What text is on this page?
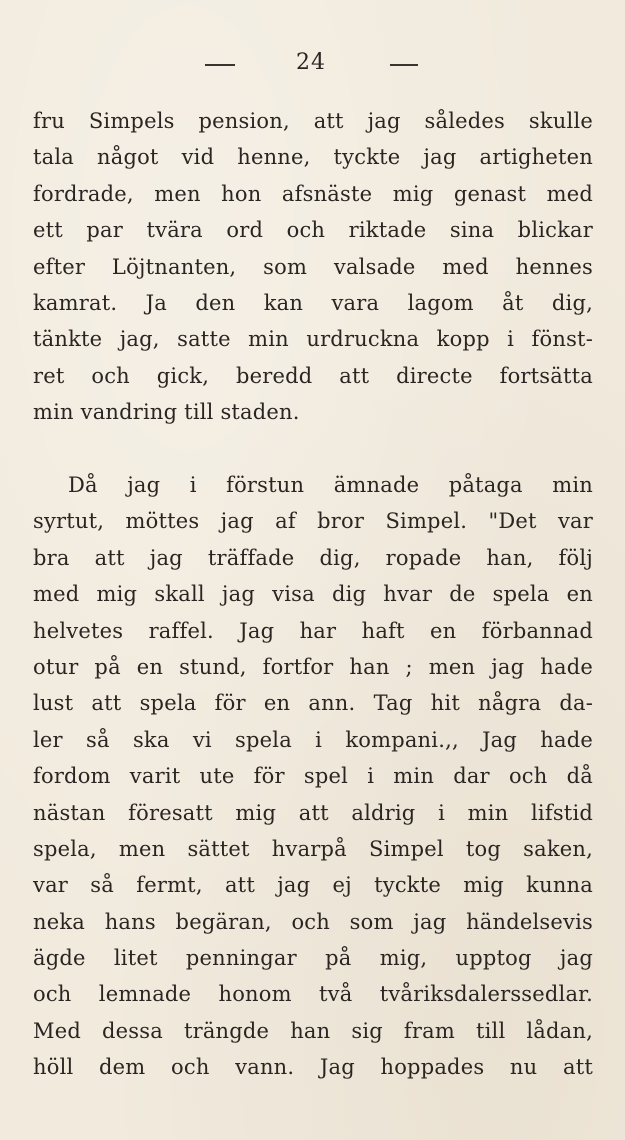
24
fru Simpels pension, att jag således skulle
tala något vid henne, tyckte jag artigheten
fordrade, men hon afsnäste mig genast med
ett par tvära ord och riktade sina blickar
efter Löjtnanten, som valsade med hennes
kamrat. Ja den kan vara lagom åt dig,
tänkte jag, satte min urdruckna kopp i fönst-
ret och gick, beredd att directe fortsätta
min vandring till staden.
Då jag i förstun ämnade påtaga min
syrtut, möttes jag af bror Simpel. "Det var
bra att jag träffade dig, ropade han, följ
med mig skall jag visa dig hvar de spela en
helvetes raffel. Jag har haft en förbannad
otur på en stund, fortfor han ; men jag hade
lust att spela för en ann. Tag hit några da-
ler så ska vi spela i kompani.,, Jag hade
fordom varit ute för spel i min dar och då
nästan föresatt mig att aldrig i min lifstid
spela, men sättet hvarpå Simpel tog saken,
var så fermt, att jag ej tyckte mig kunna
neka hans begäran, och som jag händelsevis
ägde litet penningar på mig, upptog jag
och lemnade honom två tvåriksdalerssedlar.
Med dessa trängde han sig fram till lådan,
höll dem och vann. Jag hoppades nu att
